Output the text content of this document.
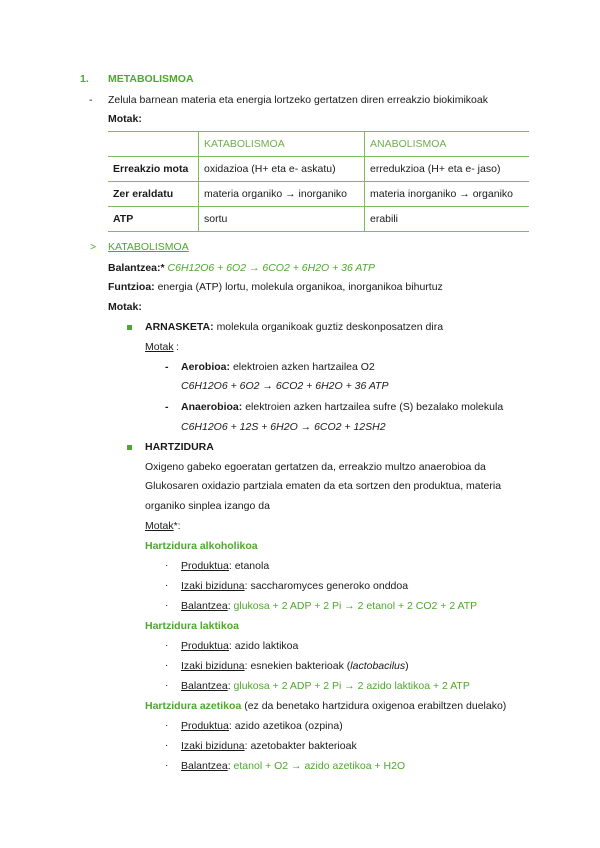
1. METABOLISMOA
- Zelula barnean materia eta energia lortzeko gertatzen diren erreakzio biokimikoak
Motak:
	KATABOLISMOA	ANABOLISMOA
Erreakzio mota	oxidazioa (H+ eta e- askatu)	erredukzioa (H+ eta e- jaso)
Zer eraldatu	materia organiko → inorganiko	materia inorganiko → organiko
ATP	sortu	erabili
> KATABOLISMOA
Balantzea:* C6H12O6 + 6O2 → 6CO2 + 6H2O + 36 ATP
Funtzioa: energia (ATP) lortu, molekula organikoa, inorganikoa bihurtuz
Motak:
ARNASKETA: molekula organikoak guztiz deskonposatzen dira
Motak :
- Aerobioa: elektroien azken hartzailea O2
C6H12O6 + 6O2 → 6CO2 + 6H2O + 36 ATP
- Anaerobioa: elektroien azken hartzailea sufre (S) bezalako molekula
C6H12O6 + 12S + 6H2O → 6CO2 + 12SH2
HARTZIDURA
Oxigeno gabeko egoeratan gertatzen da, erreakzio multzo anaerobioa da
Glukosaren oxidazio partziala ematen da eta sortzen den produktua, materia
organiko sinplea izango da
Motak*:
Hartzidura alkoholikoa
· Produktua: etanola
· Izaki biziduna: saccharomyces generoko onddoa
· Balantzea: glukosa + 2 ADP + 2 Pi → 2 etanol + 2 CO2 + 2 ATP
Hartzidura laktikoa
· Produktua: azido laktikoa
· Izaki biziduna: esnekien bakterioak (lactobacilus)
· Balantzea: glukosa + 2 ADP + 2 Pi → 2 azido laktikoa + 2 ATP
Hartzidura azetikoa (ez da benetako hartzidura oxigenoa erabiltzen duelako)
· Produktua: azido azetikoa (ozpina)
· Izaki biziduna: azetobakter bakterioak
· Balantzea: etanol + O2 → azido azetikoa + H2O
